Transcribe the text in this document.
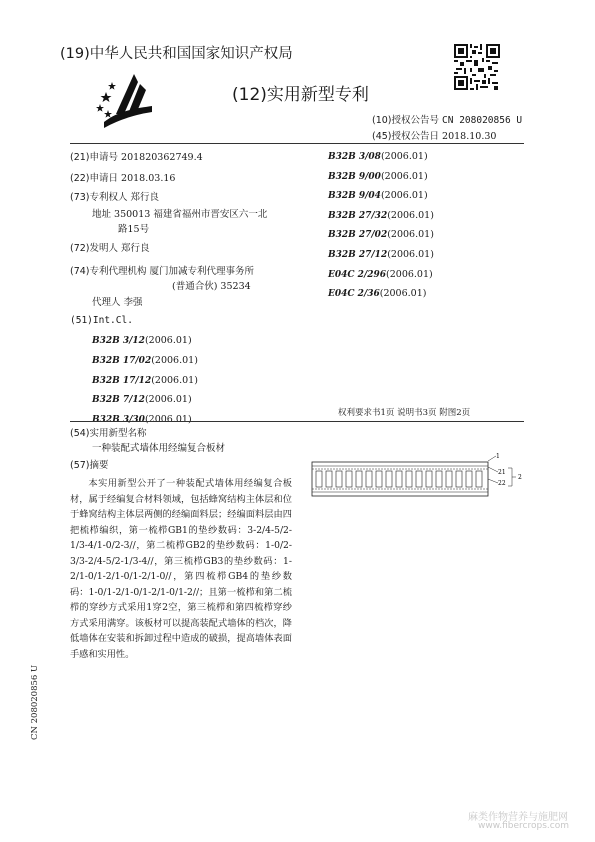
(19)中华人民共和国国家知识产权局
(12)实用新型专利
(10)授权公告号 CN 208020856 U
(45)授权公告日 2018.10.30
(21)申请号 201820362749.4
(22)申请日 2018.03.16
(73)专利权人 郑行良
地址 350013 福建省福州市晋安区六一北
路15号
(72)发明人 郑行良
(74)专利代理机构 厦门加减专利代理事务所
(普通合伙) 35234
代理人 李强
(51)Int.Cl.
B32B 3/12(2006.01)
B32B 17/02(2006.01)
B32B 17/12(2006.01)
B32B 7/12(2006.01)
B32B 3/30(2006.01)
B32B 3/08(2006.01)
B32B 9/00(2006.01)
B32B 9/04(2006.01)
B32B 27/32(2006.01)
B32B 27/02(2006.01)
B32B 27/12(2006.01)
E04C 2/296(2006.01)
E04C 2/36(2006.01)
权利要求书1页 说明书3页 附图2页
(54)实用新型名称
一种装配式墙体用经编复合板材
(57)摘要

本实用新型公开了一种装配式墙体用经编复合板材，属于经编复合材料领域，包括蜂窝结构主体层和位于蜂窝结构主体层两侧的经编面料层；经编面料层由四把梳栉编织，第一梳栉GB1的垫纱数码：3-2/4-5/2-1/3-4/1-0/2-3//，第二梳栉GB2的垫纱数码：1-0/2-3/3-2/4-5/2-1/3-4//，第三梳栉GB3的垫纱数码：1-2/1-0/1-2/1-0/1-2/1-0//，第四梳栉GB4的垫纱数码：1-0/1-2/1-0/1-2/1-0/1-2//；且第一梳栉和第二梳栉的穿纱方式采用1穿2空，第三梳栉和第四梳栉穿纱方式采用满穿。该板材可以提高装配式墙体的档次，降低墙体在安装和拆卸过程中造成的破损，提高墙体表面手感和实用性。

1
21
22
2
CN 208020856 U
麻类作物营养与施肥网
www.fibercrops.com
